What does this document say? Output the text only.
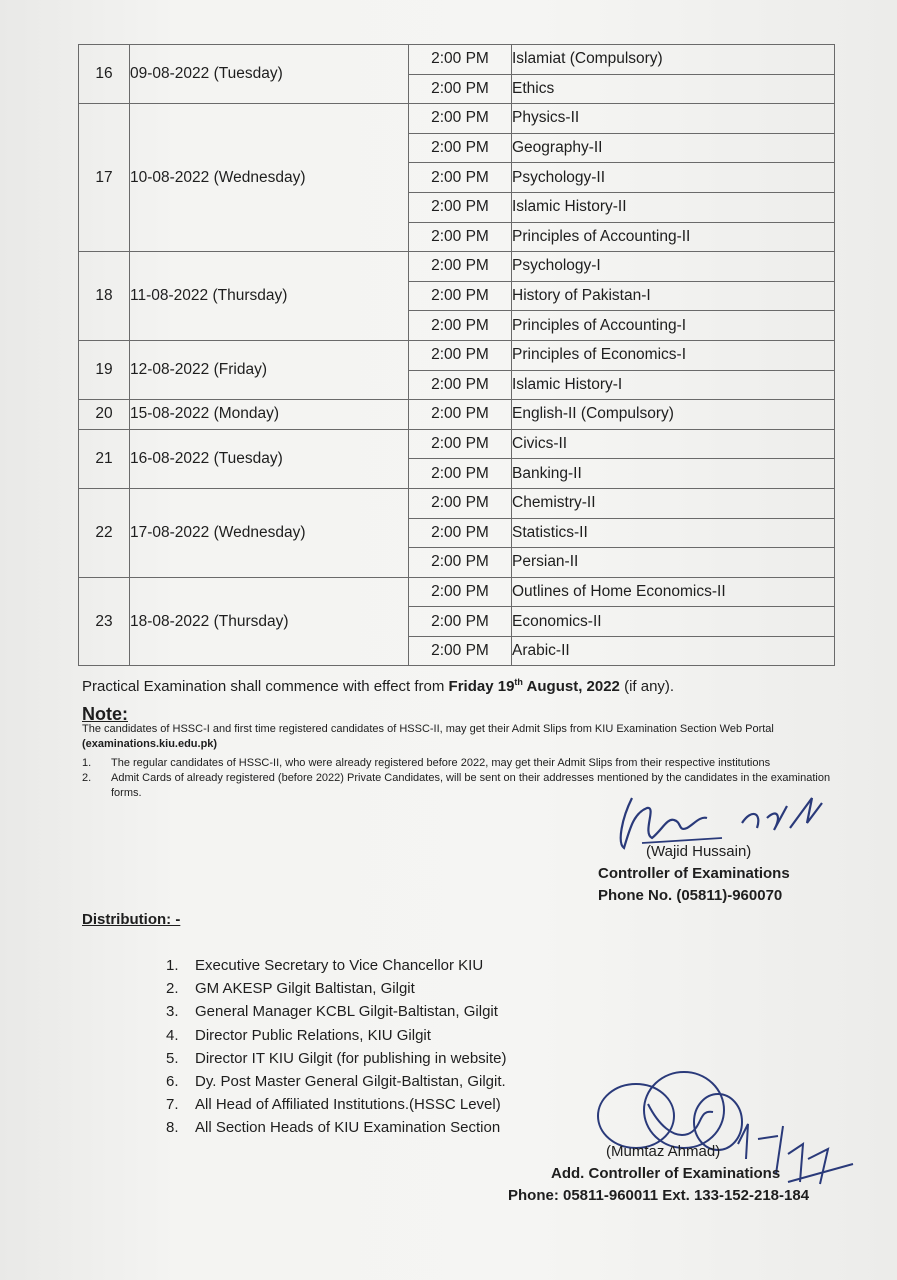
16	09-08-2022 (Tuesday)	2:00 PM	Islamiat (Compulsory)
		2:00 PM	Ethics
17	10-08-2022 (Wednesday)	2:00 PM	Physics-II
		2:00 PM	Geography-II
		2:00 PM	Psychology-II
		2:00 PM	Islamic History-II
		2:00 PM	Principles of Accounting-II
18	11-08-2022 (Thursday)	2:00 PM	Psychology-I
		2:00 PM	History of Pakistan-I
		2:00 PM	Principles of Accounting-I
19	12-08-2022 (Friday)	2:00 PM	Principles of Economics-I
		2:00 PM	Islamic History-I
20	15-08-2022 (Monday)	2:00 PM	English-II (Compulsory)
21	16-08-2022 (Tuesday)	2:00 PM	Civics-II
		2:00 PM	Banking-II
22	17-08-2022 (Wednesday)	2:00 PM	Chemistry-II
		2:00 PM	Statistics-II
		2:00 PM	Persian-II
23	18-08-2022 (Thursday)	2:00 PM	Outlines of Home Economics-II
		2:00 PM	Economics-II
		2:00 PM	Arabic-II
Practical Examination shall commence with effect from Friday 19th August, 2022 (if any).
Note:
The candidates of HSSC-I and first time registered candidates of HSSC-II, may get their Admit Slips from KIU Examination Section Web Portal
(examinations.kiu.edu.pk)
1.	The regular candidates of HSSC-II, who were already registered before 2022, may get their Admit Slips from their respective institutions
2.	Admit Cards of already registered (before 2022) Private Candidates, will be sent on their addresses mentioned by the candidates in the examination forms.
(Wajid Hussain)
Controller of Examinations
Phone No. (05811)-960070
Distribution: -
1.	Executive Secretary to Vice Chancellor KIU
2.	GM AKESP Gilgit Baltistan, Gilgit
3.	General Manager KCBL Gilgit-Baltistan, Gilgit
4.	Director Public Relations, KIU Gilgit
5.	Director IT KIU Gilgit (for publishing in website)
6.	Dy. Post Master General Gilgit-Baltistan, Gilgit.
7.	All Head of Affiliated Institutions.(HSSC Level)
8.	All Section Heads of KIU Examination Section
(Mumtaz Ahmad)
Add. Controller of Examinations
Phone: 05811-960011 Ext. 133-152-218-184
